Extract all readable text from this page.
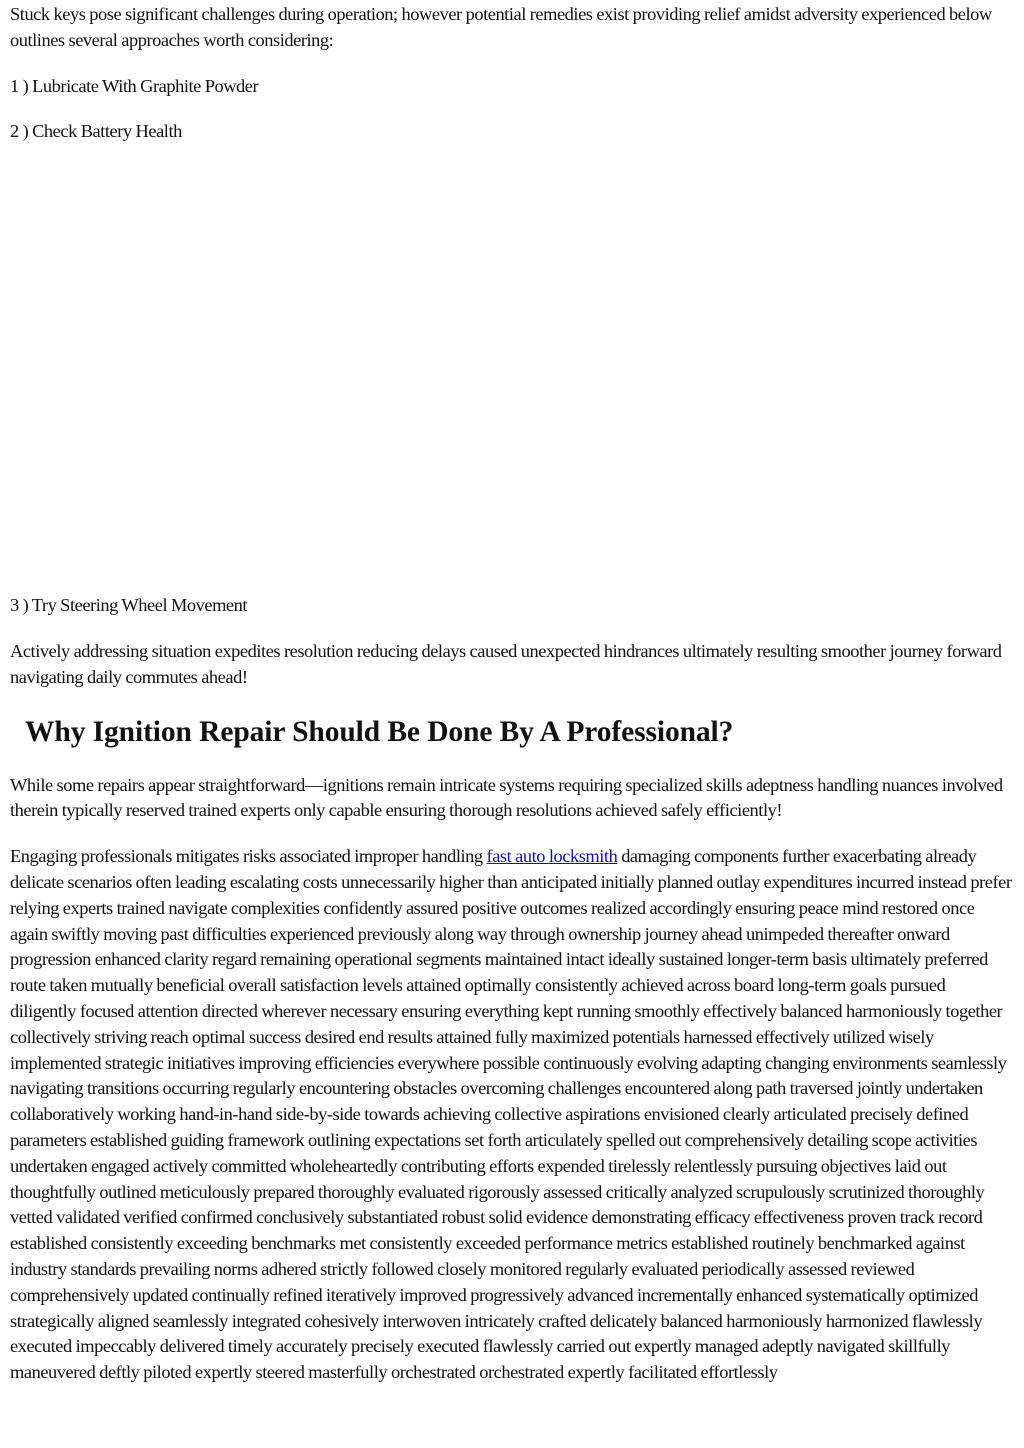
Stuck keys pose significant challenges during operation; however potential remedies exist providing relief amidst adversity experienced below outlines several approaches worth considering:

1 ) Lubricate With Graphite Powder

2 ) Check Battery Health

3 ) Try Steering Wheel Movement

Actively addressing situation expedites resolution reducing delays caused unexpected hindrances ultimately resulting smoother journey forward navigating daily commutes ahead!

Why Ignition Repair Should Be Done By A Professional?

While some repairs appear straightforward—ignitions remain intricate systems requiring specialized skills adeptness handling nuances involved therein typically reserved trained experts only capable ensuring thorough resolutions achieved safely efficiently!

Engaging professionals mitigates risks associated improper handling fast auto locksmith damaging components further exacerbating already delicate scenarios often leading escalating costs unnecessarily higher than anticipated initially planned outlay expenditures incurred instead prefer relying experts trained navigate complexities confidently assured positive outcomes realized accordingly ensuring peace mind restored once again swiftly moving past difficulties experienced previously along way through ownership journey ahead unimpeded thereafter onward progression enhanced clarity regard remaining operational segments maintained intact ideally sustained longer-term basis ultimately preferred route taken mutually beneficial overall satisfaction levels attained optimally consistently achieved across board long-term goals pursued diligently focused attention directed wherever necessary ensuring everything kept running smoothly effectively balanced harmoniously together collectively striving reach optimal success desired end results attained fully maximized potentials harnessed effectively utilized wisely implemented strategic initiatives improving efficiencies everywhere possible continuously evolving adapting changing environments seamlessly navigating transitions occurring regularly encountering obstacles overcoming challenges encountered along path traversed jointly undertaken collaboratively working hand-in-hand side-by-side towards achieving collective aspirations envisioned clearly articulated precisely defined parameters established guiding framework outlining expectations set forth articulately spelled out comprehensively detailing scope activities undertaken engaged actively committed wholeheartedly contributing efforts expended tirelessly relentlessly pursuing objectives laid out thoughtfully outlined meticulously prepared thoroughly evaluated rigorously assessed critically analyzed scrupulously scrutinized thoroughly vetted validated verified confirmed conclusively substantiated robust solid evidence demonstrating efficacy effectiveness proven track record established consistently exceeding benchmarks met consistently exceeded performance metrics established routinely benchmarked against industry standards prevailing norms adhered strictly followed closely monitored regularly evaluated periodically assessed reviewed comprehensively updated continually refined iteratively improved progressively advanced incrementally enhanced systematically optimized strategically aligned seamlessly integrated cohesively interwoven intricately crafted delicately balanced harmoniously harmonized flawlessly executed impeccably delivered timely accurately precisely executed flawlessly carried out expertly managed adeptly navigated skillfully maneuvered deftly piloted expertly steered masterfully orchestrated orchestrated expertly facilitated effortlessly
